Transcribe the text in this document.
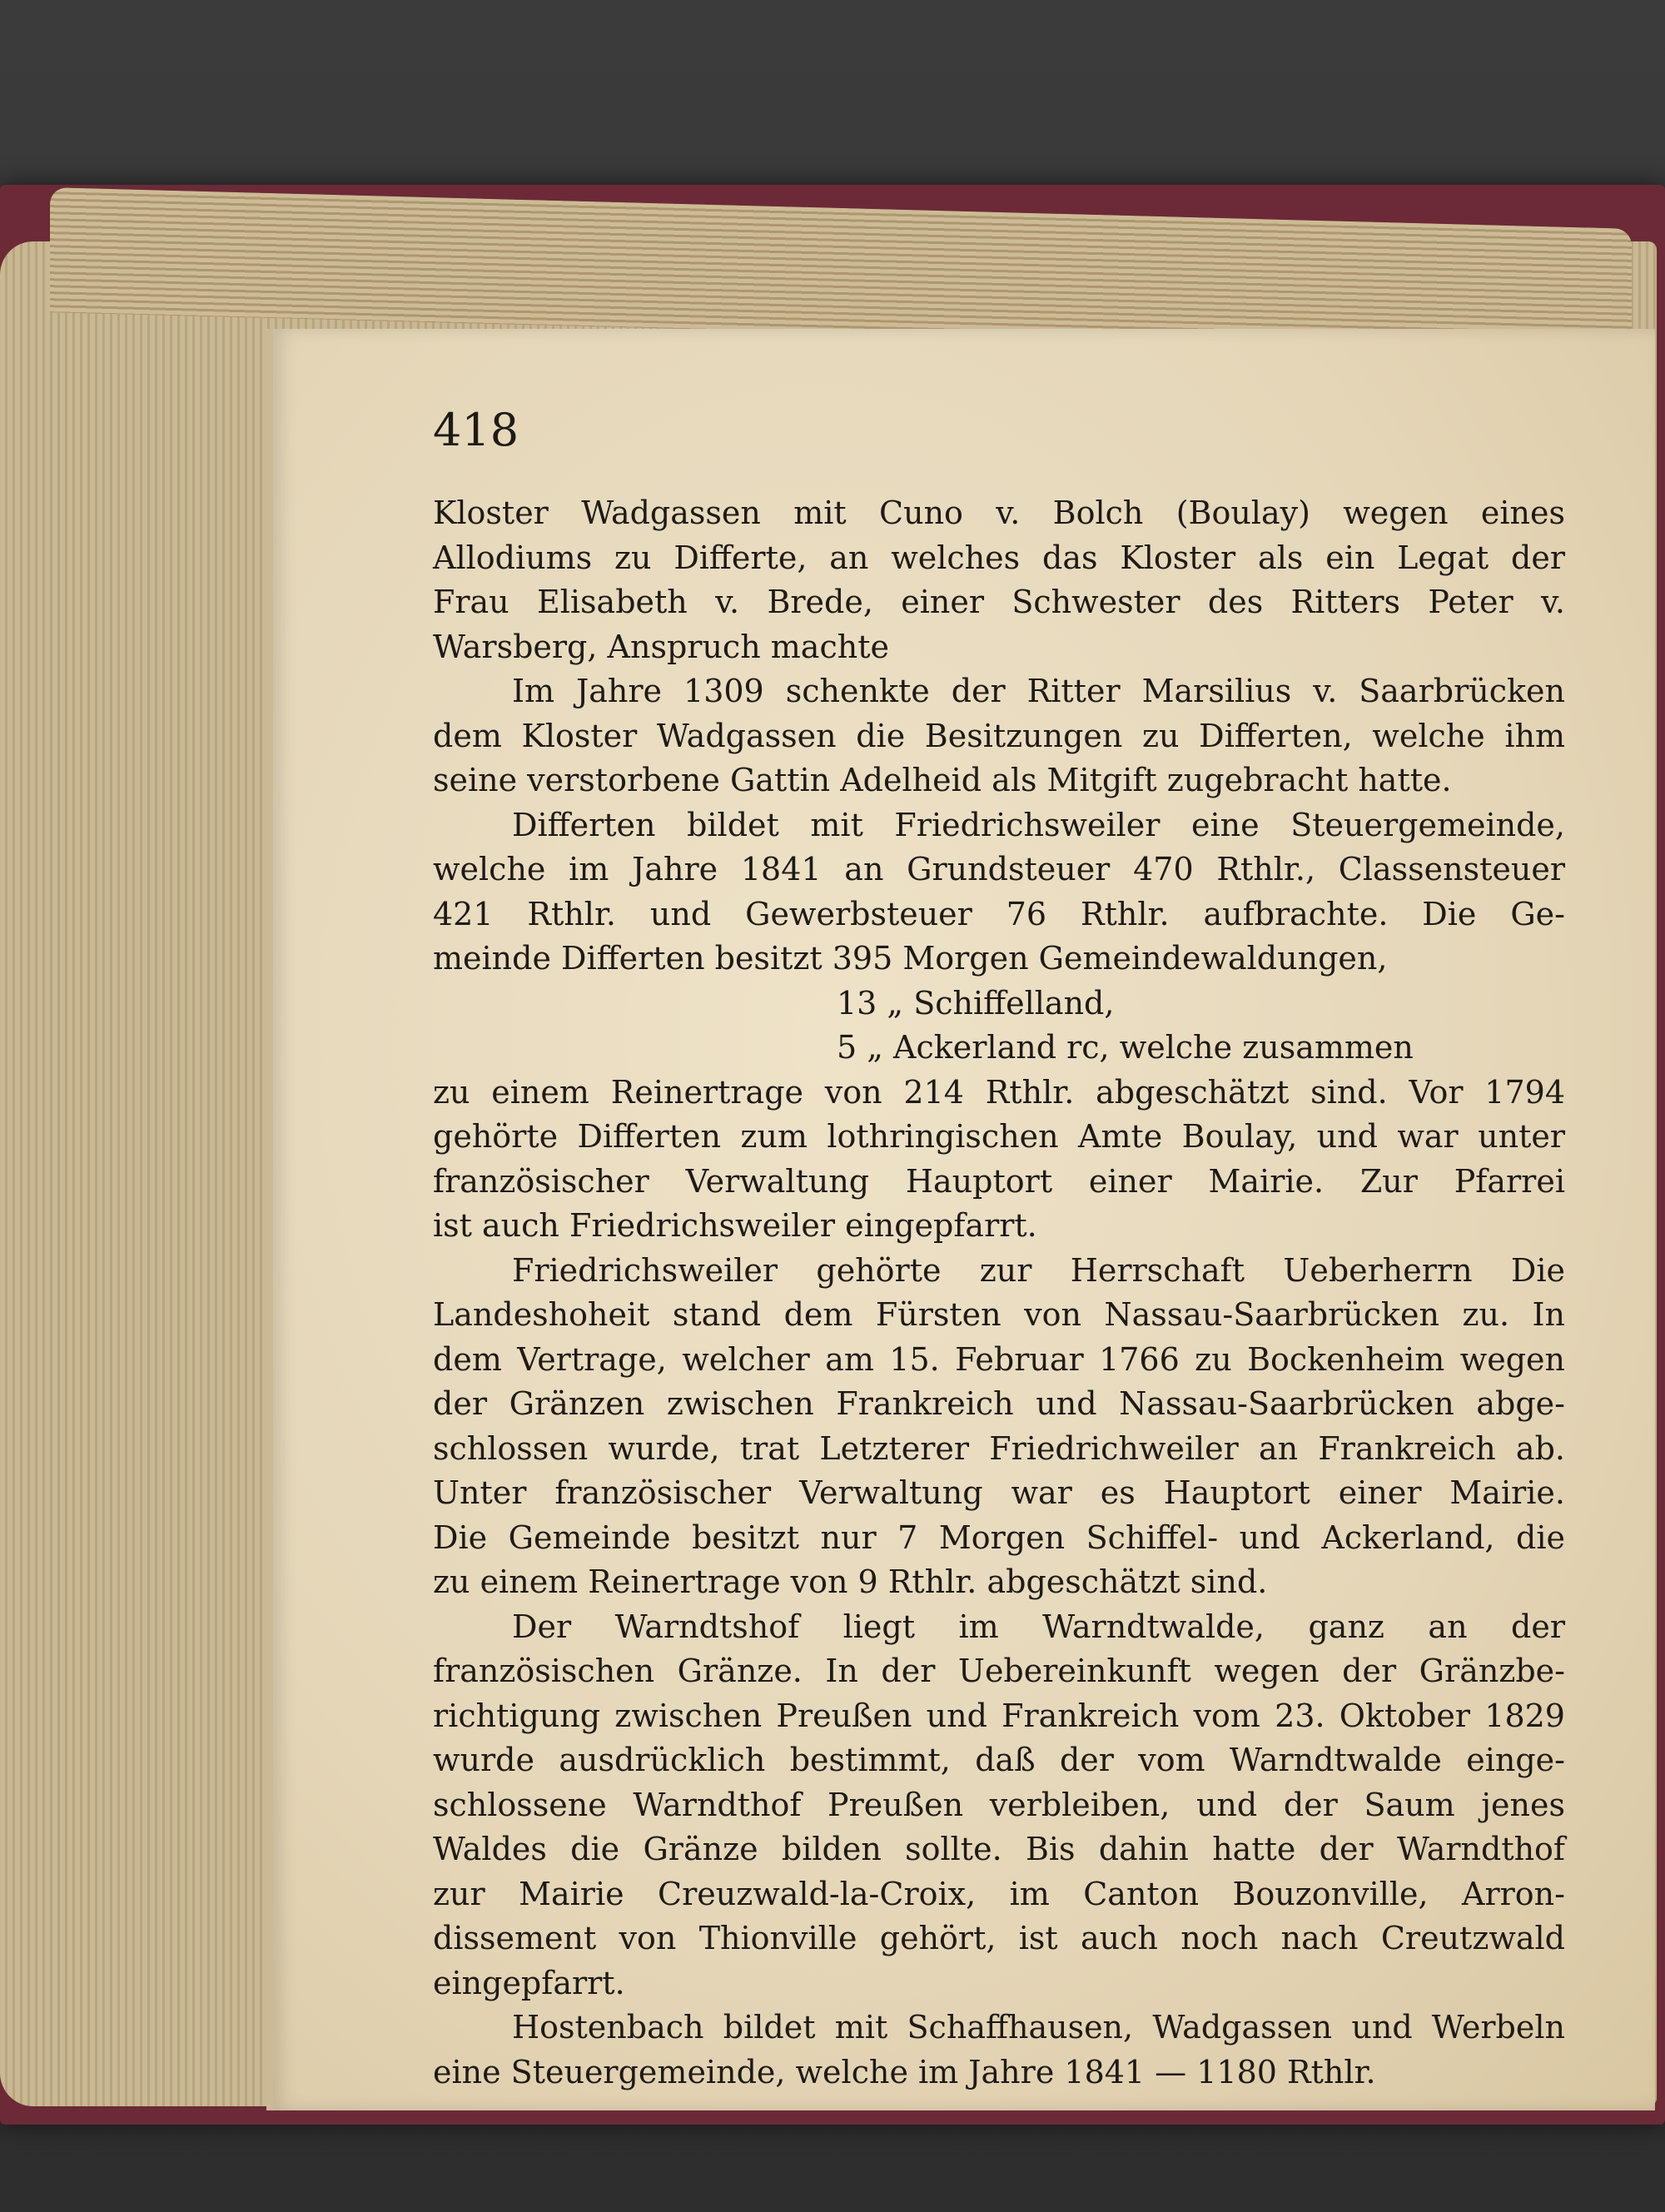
418
Kloster Wadgassen mit Cuno v. Bolch (Boulay) wegen eines
Allodiums zu Differte, an welches das Kloster als ein Legat der
Frau Elisabeth v. Brede, einer Schwester des Ritters Peter v.
Warsberg, Anspruch machte
Im Jahre 1309 schenkte der Ritter Marsilius v. Saarbrücken
dem Kloster Wadgassen die Besitzungen zu Differten, welche ihm
seine verstorbene Gattin Adelheid als Mitgift zugebracht hatte.
Differten bildet mit Friedrichsweiler eine Steuergemeinde,
welche im Jahre 1841 an Grundsteuer 470 Rthlr., Classensteuer
421 Rthlr. und Gewerbsteuer 76 Rthlr. aufbrachte. Die Ge-
meinde Differten besitzt 395 Morgen Gemeindewaldungen,
13 „ Schiffelland,
5 „ Ackerland rc, welche zusammen
zu einem Reinertrage von 214 Rthlr. abgeschätzt sind. Vor 1794
gehörte Differten zum lothringischen Amte Boulay, und war unter
französischer Verwaltung Hauptort einer Mairie. Zur Pfarrei
ist auch Friedrichsweiler eingepfarrt.
Friedrichsweiler gehörte zur Herrschaft Ueberherrn Die
Landeshoheit stand dem Fürsten von Nassau-Saarbrücken zu. In
dem Vertrage, welcher am 15. Februar 1766 zu Bockenheim wegen
der Gränzen zwischen Frankreich und Nassau-Saarbrücken abge-
schlossen wurde, trat Letzterer Friedrichweiler an Frankreich ab.
Unter französischer Verwaltung war es Hauptort einer Mairie.
Die Gemeinde besitzt nur 7 Morgen Schiffel- und Ackerland, die
zu einem Reinertrage von 9 Rthlr. abgeschätzt sind.
Der Warndtshof liegt im Warndtwalde, ganz an der
französischen Gränze. In der Uebereinkunft wegen der Gränzbe-
richtigung zwischen Preußen und Frankreich vom 23. Oktober 1829
wurde ausdrücklich bestimmt, daß der vom Warndtwalde einge-
schlossene Warndthof Preußen verbleiben, und der Saum jenes
Waldes die Gränze bilden sollte. Bis dahin hatte der Warndthof
zur Mairie Creuzwald-la-Croix, im Canton Bouzonville, Arron-
dissement von Thionville gehört, ist auch noch nach Creutzwald
eingepfarrt.
Hostenbach bildet mit Schaffhausen, Wadgassen und Werbeln
eine Steuergemeinde, welche im Jahre 1841 — 1180 Rthlr.
